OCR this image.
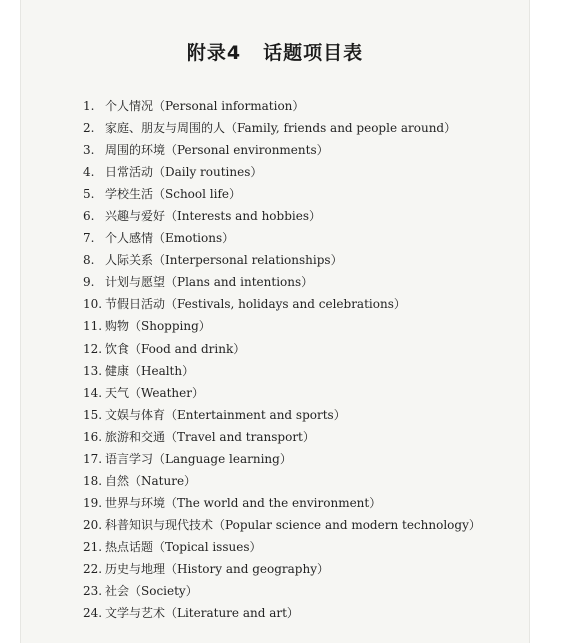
附录4 话题项目表
1. 个人情况（Personal information）
2. 家庭、朋友与周围的人（Family, friends and people around）
3. 周围的环境（Personal environments）
4. 日常活动（Daily routines）
5. 学校生活（School life）
6. 兴趣与爱好（Interests and hobbies）
7. 个人感情（Emotions）
8. 人际关系（Interpersonal relationships）
9. 计划与愿望（Plans and intentions）
10. 节假日活动（Festivals, holidays and celebrations）
11. 购物（Shopping）
12. 饮食（Food and drink）
13. 健康（Health）
14. 天气（Weather）
15. 文娱与体育（Entertainment and sports）
16. 旅游和交通（Travel and transport）
17. 语言学习（Language learning）
18. 自然（Nature）
19. 世界与环境（The world and the environment）
20. 科普知识与现代技术（Popular science and modern technology）
21. 热点话题（Topical issues）
22. 历史与地理（History and geography）
23. 社会（Society）
24. 文学与艺术（Literature and art）
